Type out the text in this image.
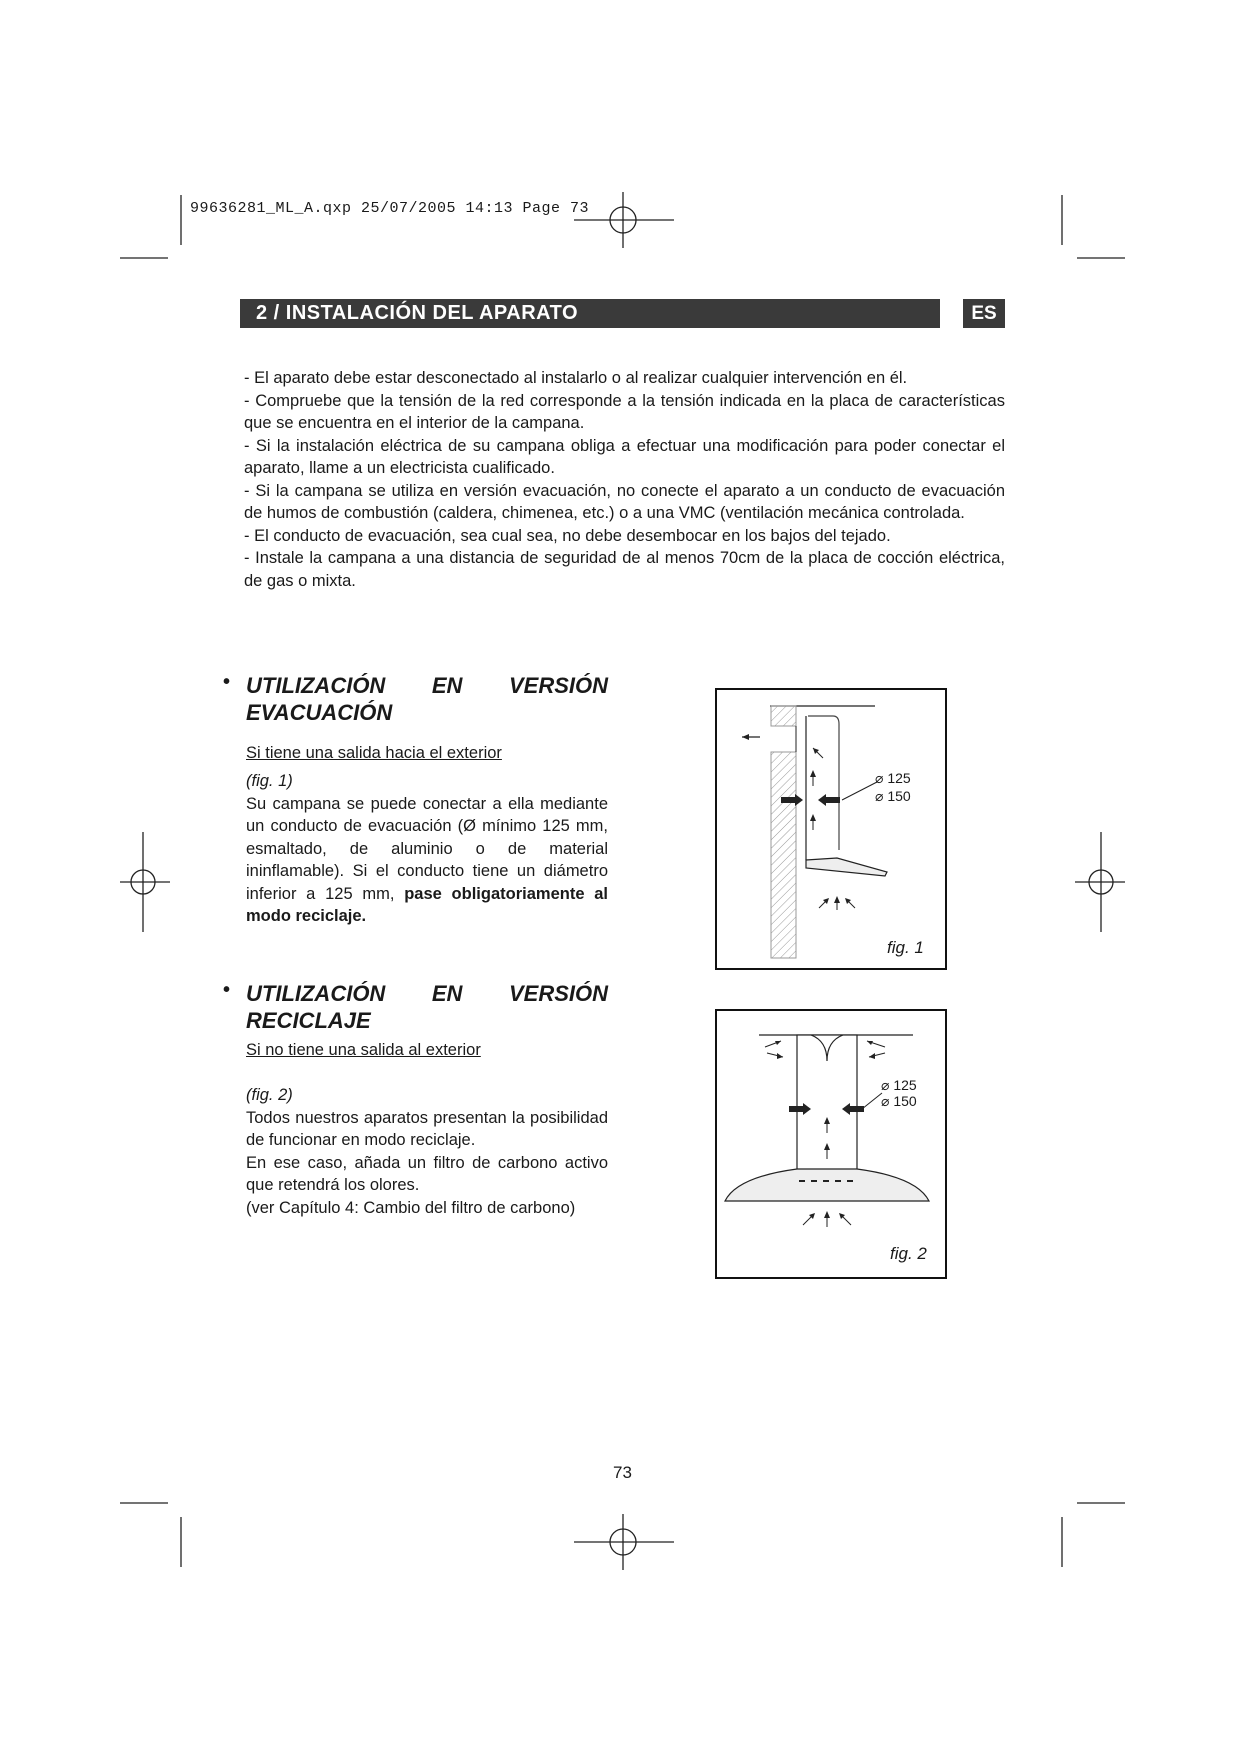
99636281_ML_A.qxp 25/07/2005 14:13 Page 73
2 / INSTALACIÓN DEL APARATO	ES

- El aparato debe estar desconectado al instalarlo o al realizar cualquier intervención en él.

- Compruebe que la tensión de la red corresponde a la tensión indicada en la placa de características que se encuentra en el interior de la campana.

- Si la instalación eléctrica de su campana obliga a efectuar una modificación para poder conectar el aparato, llame a un electricista cualificado.

- Si la campana se utiliza en versión evacuación, no conecte el aparato a un conducto de evacuación de humos de combustión (caldera, chimenea, etc.) o a una VMC (ventilación mecánica controlada.

- El conducto de evacuación, sea cual sea, no debe desembocar en los bajos del tejado.

- Instale la campana a una distancia de seguridad de al menos 70cm de la placa de cocción eléctrica, de gas o mixta.

• UTILIZACIÓN EN VERSIÓN EVACUACIÓN
Si tiene una salida hacia el exterior

(fig. 1)

Su campana se puede conectar a ella mediante un conducto de evacuación (Ø mínimo 125 mm, esmaltado, de aluminio o de material ininflamable). Si el conducto tiene un diámetro inferior a 125 mm, pase obligatoriamente al modo reciclaje.

⌀ 125
⌀ 150
fig. 1
• UTILIZACIÓN EN VERSIÓN RECICLAJE
Si no tiene una salida al exterior

(fig. 2)

Todos nuestros aparatos presentan la posibilidad de funcionar en modo reciclaje.

En ese caso, añada un filtro de carbono activo que retendrá los olores.

(ver Capítulo 4: Cambio del filtro de carbono)

⌀ 125
⌀ 150
fig. 2
73
